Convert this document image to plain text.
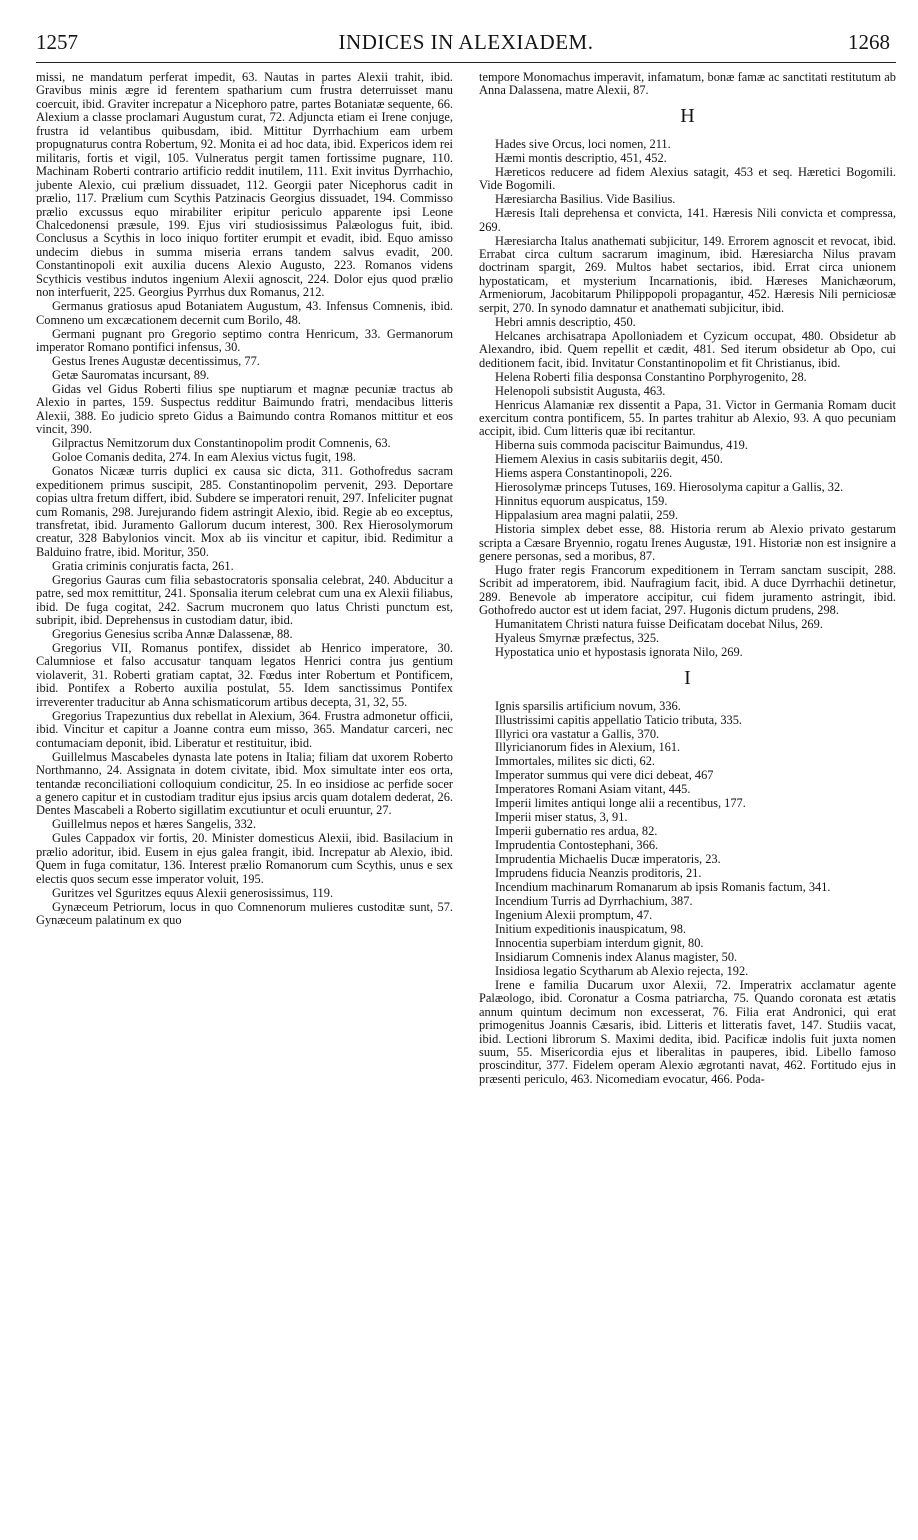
1257	INDICES IN ALEXIADEM.	1268

missi, ne mandatum perferat impedit, 63. Nautas in partes Alexii trahit, ibid. Gravibus minis ægre id ferentem spatharium cum frustra deterruisset manu coercuit, ibid. Graviter increpatur a Nicephoro patre, partes Botaniatæ sequente, 66. Alexium a classe proclamari Augustum curat, 72. Adjuncta etiam ei Irene conjuge, frustra id velantibus quibusdam, ibid. Mittitur Dyrrhachium eam urbem propugnaturus contra Robertum, 92. Monita ei ad hoc data, ibid. Expericos idem rei militaris, fortis et vigil, 105. Vulneratus pergit tamen fortissime pugnare, 110. Machinam Roberti contrario artificio reddit inutilem, 111. Exit invitus Dyrrhachio, jubente Alexio, cui prælium dissuadet, 112. Georgii pater Nicephorus cadit in prælio, 117. Prælium cum Scythis Patzinacis Georgius dissuadet, 194. Commisso prælio excussus equo mirabiliter eripitur periculo apparente ipsi Leone Chalcedonensi præsule, 199. Ejus viri studiosissimus Palæologus fuit, ibid. Conclusus a Scythis in loco iniquo fortiter erumpit et evadit, ibid. Equo amisso undecim diebus in summa miseria errans tandem salvus evadit, 200. Constantinopoli exit auxilia ducens Alexio Augusto, 223. Romanos videns Scythicis vestibus indutos ingenium Alexii agnoscit, 224. Dolor ejus quod prælio non interfuerit, 225. Georgius Pyrrhus dux Romanus, 212.

Germanus gratiosus apud Botaniatem Augustum, 43. Infensus Comnenis, ibid. Comneno um excæcationem decernit cum Borilo, 48.

Germani pugnant pro Gregorio septimo contra Henricum, 33. Germanorum imperator Romano pontifici infensus, 30.

Gestus Irenes Augustæ decentissimus, 77.

Getæ Sauromatas incursant, 89.

Gidas vel Gidus Roberti filius spe nuptiarum et magnæ pecuniæ tractus ab Alexio in partes, 159. Suspectus redditur Baimundo fratri, mendacibus litteris Alexii, 388. Eo judicio spreto Gidus a Baimundo contra Romanos mittitur et eos vincit, 390.

Gilpractus Nemitzorum dux Constantinopolim prodit Comnenis, 63.

Goloe Comanis dedita, 274. In eam Alexius victus fugit, 198.

Gonatos Nicææ turris duplici ex causa sic dicta, 311. Gothofredus sacram expeditionem primus suscipit, 285. Constantinopolim pervenit, 293. Deportare copias ultra fretum differt, ibid. Subdere se imperatori renuit, 297. Infeliciter pugnat cum Romanis, 298. Jurejurando fidem astringit Alexio, ibid. Regie ab eo exceptus, transfretat, ibid. Juramento Gallorum ducum interest, 300. Rex Hierosolymorum creatur, 328 Babylonios vincit. Mox ab iis vincitur et capitur, ibid. Redimitur a Balduino fratre, ibid. Moritur, 350.

Gratia criminis conjuratis facta, 261.

Gregorius Gauras cum filia sebastocratoris sponsalia celebrat, 240. Abducitur a patre, sed mox remittitur, 241. Sponsalia iterum celebrat cum una ex Alexii filiabus, ibid. De fuga cogitat, 242. Sacrum mucronem quo latus Christi punctum est, subripit, ibid. Deprehensus in custodiam datur, ibid.

Gregorius Genesius scriba Annæ Dalassenæ, 88.

Gregorius VII, Romanus pontifex, dissidet ab Henrico imperatore, 30. Calumniose et falso accusatur tanquam legatos Henrici contra jus gentium violaverit, 31. Roberti gratiam captat, 32. Fœdus inter Robertum et Pontificem, ibid. Pontifex a Roberto auxilia postulat, 55. Idem sanctissimus Pontifex irreverenter traducitur ab Anna schismaticorum artibus decepta, 31, 32, 55.

Gregorius Trapezuntius dux rebellat in Alexium, 364. Frustra admonetur officii, ibid. Vincitur et capitur a Joanne contra eum misso, 365. Mandatur carceri, nec contumaciam deponit, ibid. Liberatur et restituitur, ibid.

Guillelmus Mascabeles dynasta late potens in Italia; filiam dat uxorem Roberto Northmanno, 24. Assignata in dotem civitate, ibid. Mox simultate inter eos orta, tentandæ reconciliationi colloquium condicitur, 25. In eo insidiose ac perfide socer a genero capitur et in custodiam traditur ejus ipsius arcis quam dotalem dederat, 26. Dentes Mascabeli a Roberto sigillatim excutiuntur et oculi eruuntur, 27.

Guillelmus nepos et hæres Sangelis, 332.

Gules Cappadox vir fortis, 20. Minister domesticus Alexii, ibid. Basilacium in prælio adoritur, ibid. Eusem in ejus galea frangit, ibid. Increpatur ab Alexio, ibid. Quem in fuga comitatur, 136. Interest prælio Romanorum cum Scythis, unus e sex electis quos secum esse imperator voluit, 195.

Guritzes vel Sguritzes equus Alexii generosissimus, 119.

Gynæceum Petriorum, locus in quo Comnenorum mulieres custoditæ sunt, 57. Gynæceum palatinum ex quo

tempore Monomachus imperavit, infamatum, bonæ famæ ac sanctitati restitutum ab Anna Dalassena, matre Alexii, 87.

H

Hades sive Orcus, loci nomen, 211.

Hæmi montis descriptio, 451, 452.

Hæreticos reducere ad fidem Alexius satagit, 453 et seq. Hæretici Bogomili. Vide Bogomili.

Hæresiarcha Basilius. Vide Basilius.

Hæresis Itali deprehensa et convicta, 141. Hæresis Nili convicta et compressa, 269.

Hæresiarcha Italus anathemati subjicitur, 149. Errorem agnoscit et revocat, ibid. Errabat circa cultum sacrarum imaginum, ibid. Hæresiarcha Nilus pravam doctrinam spargit, 269. Multos habet sectarios, ibid. Errat circa unionem hypostaticam, et mysterium Incarnationis, ibid. Hæreses Manichæorum, Armeniorum, Jacobitarum Philippopoli propagantur, 452. Hæresis Nili perniciosæ serpit, 270. In synodo damnatur et anathemati subjicitur, ibid.

Hebri amnis descriptio, 450.

Helcanes archisatrapa Apolloniadem et Cyzicum occupat, 480. Obsidetur ab Alexandro, ibid. Quem repellit et cædit, 481. Sed iterum obsidetur ab Opo, cui deditionem facit, ibid. Invitatur Constantinopolim et fit Christianus, ibid.

Helena Roberti filia desponsa Constantino Porphyrogenito, 28.

Helenopoli subsistit Augusta, 463.

Henricus Alamaniæ rex dissentit a Papa, 31. Victor in Germania Romam ducit exercitum contra pontificem, 55. In partes trahitur ab Alexio, 93. A quo pecuniam accipit, ibid. Cum litteris quæ ibi recitantur.

Hiberna suis commoda paciscitur Baimundus, 419.

Hiemem Alexius in casis subitariis degit, 450.

Hiems aspera Constantinopoli, 226.

Hierosolymæ princeps Tutuses, 169. Hierosolyma capitur a Gallis, 32.

Hinnitus equorum auspicatus, 159.

Hippalasium area magni palatii, 259.

Historia simplex debet esse, 88. Historia rerum ab Alexio privato gestarum scripta a Cæsare Bryennio, rogatu Irenes Augustæ, 191. Historiæ non est insignire a genere personas, sed a moribus, 87.

Hugo frater regis Francorum expeditionem in Terram sanctam suscipit, 288. Scribit ad imperatorem, ibid. Naufragium facit, ibid. A duce Dyrrhachii detinetur, 289. Benevole ab imperatore accipitur, cui fidem juramento astringit, ibid. Gothofredo auctor est ut idem faciat, 297. Hugonis dictum prudens, 298.

Humanitatem Christi natura fuisse Deificatam docebat Nilus, 269.

Hyaleus Smyrnæ præfectus, 325.

Hypostatica unio et hypostasis ignorata Nilo, 269.

I

Ignis sparsilis artificium novum, 336.

Illustrissimi capitis appellatio Taticio tributa, 335.

Illyrici ora vastatur a Gallis, 370.

Illyricianorum fides in Alexium, 161.

Immortales, milites sic dicti, 62.

Imperator summus qui vere dici debeat, 467

Imperatores Romani Asiam vitant, 445.

Imperii limites antiqui longe alii a recentibus, 177.

Imperii miser status, 3, 91.

Imperii gubernatio res ardua, 82.

Imprudentia Contostephani, 366.

Imprudentia Michaelis Ducæ imperatoris, 23.

Imprudens fiducia Neanzis proditoris, 21.

Incendium machinarum Romanarum ab ipsis Romanis factum, 341.

Incendium Turris ad Dyrrhachium, 387.

Ingenium Alexii promptum, 47.

Initium expeditionis inauspicatum, 98.

Innocentia superbiam interdum gignit, 80.

Insidiarum Comnenis index Alanus magister, 50.

Insidiosa legatio Scytharum ab Alexio rejecta, 192.

Irene e familia Ducarum uxor Alexii, 72. Imperatrix acclamatur agente Palæologo, ibid. Coronatur a Cosma patriarcha, 75. Quando coronata est ætatis annum quintum decimum non excesserat, 76. Filia erat Andronici, qui erat primogenitus Joannis Cæsaris, ibid. Litteris et litteratis favet, 147. Studiis vacat, ibid. Lectioni librorum S. Maximi dedita, ibid. Pacificæ indolis fuit juxta nomen suum, 55. Misericordia ejus et liberalitas in pauperes, ibid. Libello famoso proscinditur, 377. Fidelem operam Alexio ægrotanti navat, 462. Fortitudo ejus in præsenti periculo, 463. Nicomediam evocatur, 466. Poda-
